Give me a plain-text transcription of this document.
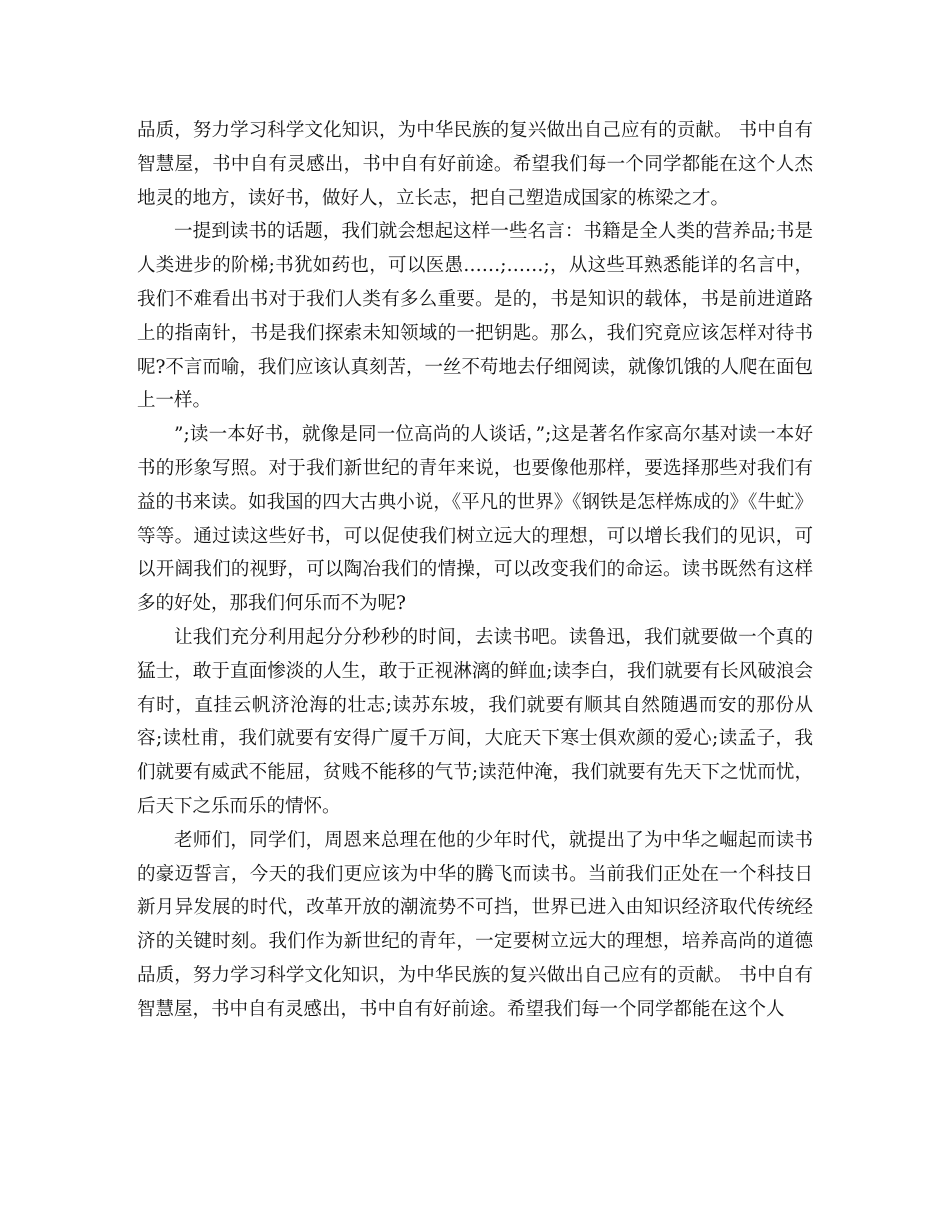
品质，努力学习科学文化知识，为中华民族的复兴做出自己应有的贡献。 书中自有智慧屋，书中自有灵感出，书中自有好前途。希望我们每一个同学都能在这个人杰地灵的地方，读好书，做好人，立长志，把自己塑造成国家的栋梁之才。

一提到读书的话题，我们就会想起这样一些名言：书籍是全人类的营养品;书是人类进步的阶梯;书犹如药也，可以医愚……;……;，从这些耳熟悉能详的名言中，我们不难看出书对于我们人类有多么重要。是的，书是知识的载体，书是前进道路上的指南针，书是我们探索未知领域的一把钥匙。那么，我们究竟应该怎样对待书呢?不言而喻，我们应该认真刻苦，一丝不苟地去仔细阅读，就像饥饿的人爬在面包上一样。

”;读一本好书，就像是同一位高尚的人谈话，”;这是著名作家高尔基对读一本好书的形象写照。对于我们新世纪的青年来说，也要像他那样，要选择那些对我们有益的书来读。如我国的四大古典小说，《平凡的世界》《钢铁是怎样炼成的》《牛虻》等等。通过读这些好书，可以促使我们树立远大的理想，可以增长我们的见识，可以开阔我们的视野，可以陶冶我们的情操，可以改变我们的命运。读书既然有这样多的好处，那我们何乐而不为呢?

让我们充分利用起分分秒秒的时间，去读书吧。读鲁迅，我们就要做一个真的猛士，敢于直面惨淡的人生，敢于正视淋漓的鲜血;读李白，我们就要有长风破浪会有时，直挂云帆济沧海的壮志;读苏东坡，我们就要有顺其自然随遇而安的那份从容;读杜甫，我们就要有安得广厦千万间，大庇天下寒士俱欢颜的爱心;读孟子，我们就要有威武不能屈，贫贱不能移的气节;读范仲淹，我们就要有先天下之忧而忧，后天下之乐而乐的情怀。

老师们，同学们，周恩来总理在他的少年时代，就提出了为中华之崛起而读书的豪迈誓言，今天的我们更应该为中华的腾飞而读书。当前我们正处在一个科技日新月异发展的时代，改革开放的潮流势不可挡，世界已进入由知识经济取代传统经济的关键时刻。我们作为新世纪的青年，一定要树立远大的理想，培养高尚的道德品质，努力学习科学文化知识，为中华民族的复兴做出自己应有的贡献。 书中自有智慧屋，书中自有灵感出，书中自有好前途。希望我们每一个同学都能在这个人
